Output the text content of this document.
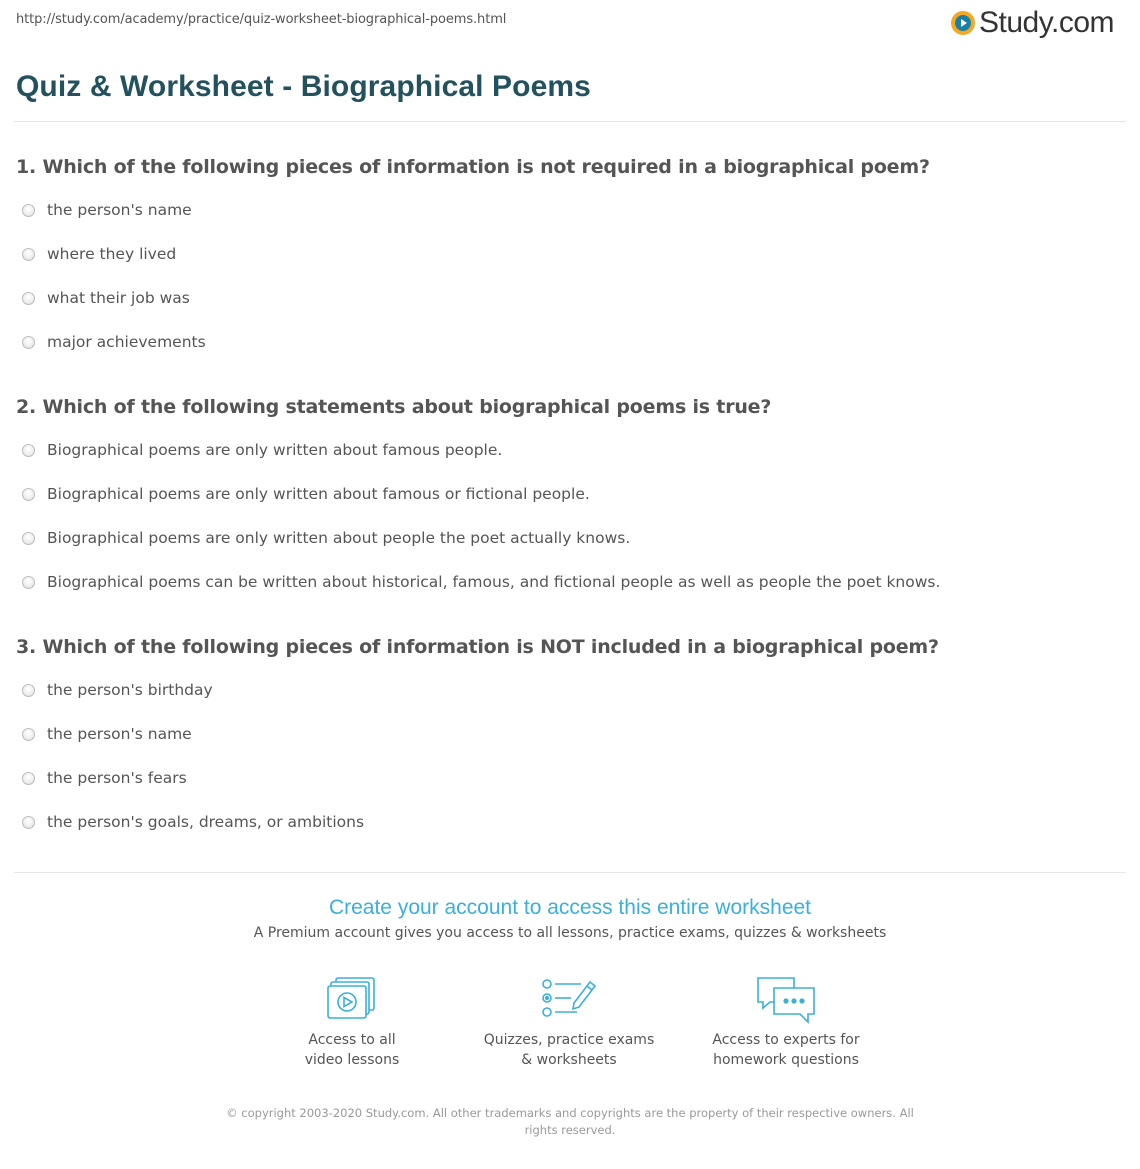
http://study.com/academy/practice/quiz-worksheet-biographical-poems.html	Study.com
Quiz & Worksheet - Biographical Poems
1. Which of the following pieces of information is not required in a biographical poem?
the person's name
where they lived
what their job was
major achievements
2. Which of the following statements about biographical poems is true?
Biographical poems are only written about famous people.
Biographical poems are only written about famous or fictional people.
Biographical poems are only written about people the poet actually knows.
Biographical poems can be written about historical, famous, and fictional people as well as people the poet knows.
3. Which of the following pieces of information is NOT included in a biographical poem?
the person's birthday
the person's name
the person's fears
the person's goals, dreams, or ambitions
Create your account to access this entire worksheet
A Premium account gives you access to all lessons, practice exams, quizzes & worksheets
Access to all
video lessons
Quizzes, practice exams
& worksheets
Access to experts for
homework questions
© copyright 2003-2020 Study.com. All other trademarks and copyrights are the property of their respective owners. All rights reserved.
